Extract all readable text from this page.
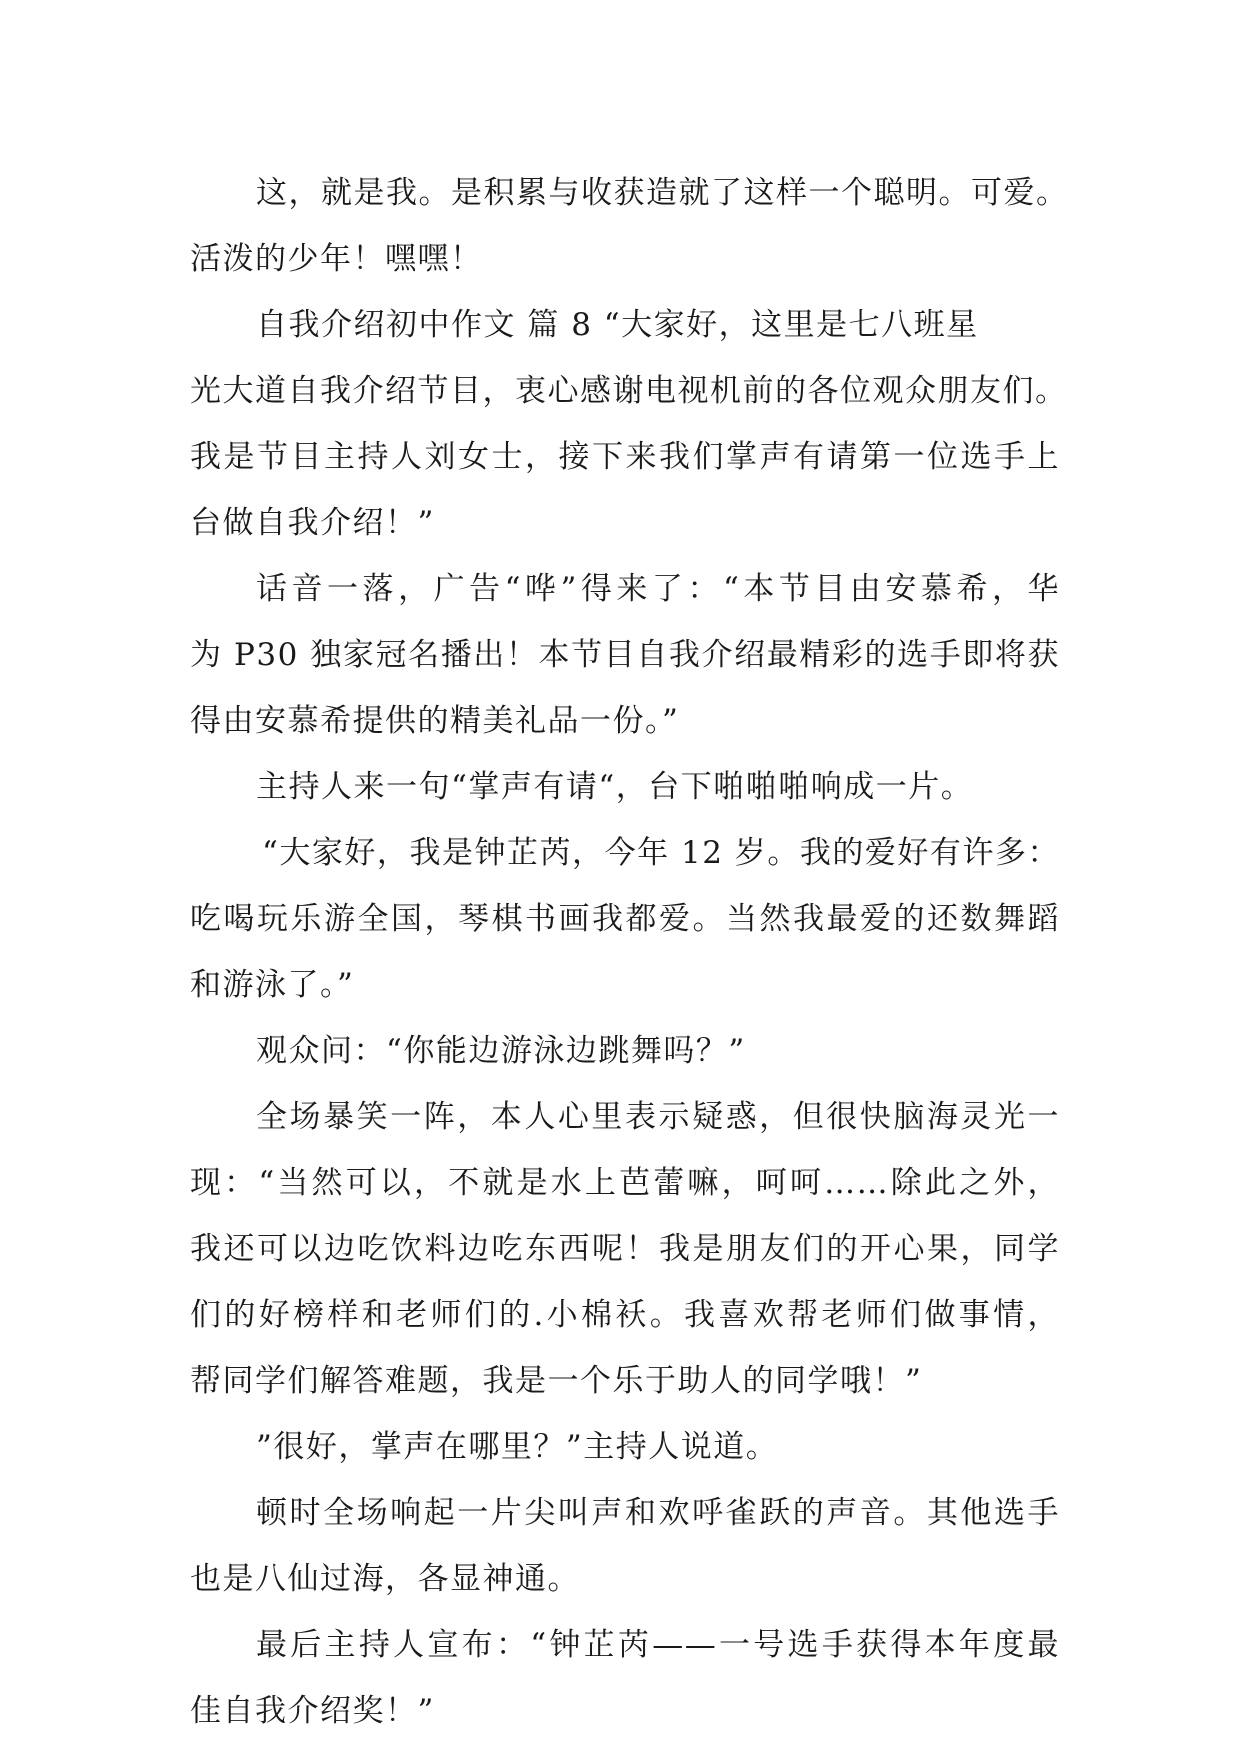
这，就是我。是积累与收获造就了这样一个聪明。可爱。
活泼的少年！嘿嘿！
自我介绍初中作文 篇 8 “大家好，这里是七八班星
光大道自我介绍节目，衷心感谢电视机前的各位观众朋友们。
我是节目主持人刘女士，接下来我们掌声有请第一位选手上
台做自我介绍！”
话音一落，广告“哗”得来了：“本节目由安慕希，华
为 P30 独家冠名播出！本节目自我介绍最精彩的选手即将获
得由安慕希提供的精美礼品一份。”
主持人来一句“掌声有请“，台下啪啪啪响成一片。
“大家好，我是钟芷芮，今年 12 岁。我的爱好有许多：
吃喝玩乐游全国，琴棋书画我都爱。当然我最爱的还数舞蹈
和游泳了。”
观众问：“你能边游泳边跳舞吗？”
全场暴笑一阵，本人心里表示疑惑，但很快脑海灵光一
现：“当然可以，不就是水上芭蕾嘛，呵呵……除此之外，
我还可以边吃饮料边吃东西呢！我是朋友们的开心果，同学
们的好榜样和老师们的.小棉袄。我喜欢帮老师们做事情，
帮同学们解答难题，我是一个乐于助人的同学哦！”
”很好，掌声在哪里？”主持人说道。
顿时全场响起一片尖叫声和欢呼雀跃的声音。其他选手
也是八仙过海，各显神通。
最后主持人宣布：“钟芷芮——一号选手获得本年度最
佳自我介绍奖！”
